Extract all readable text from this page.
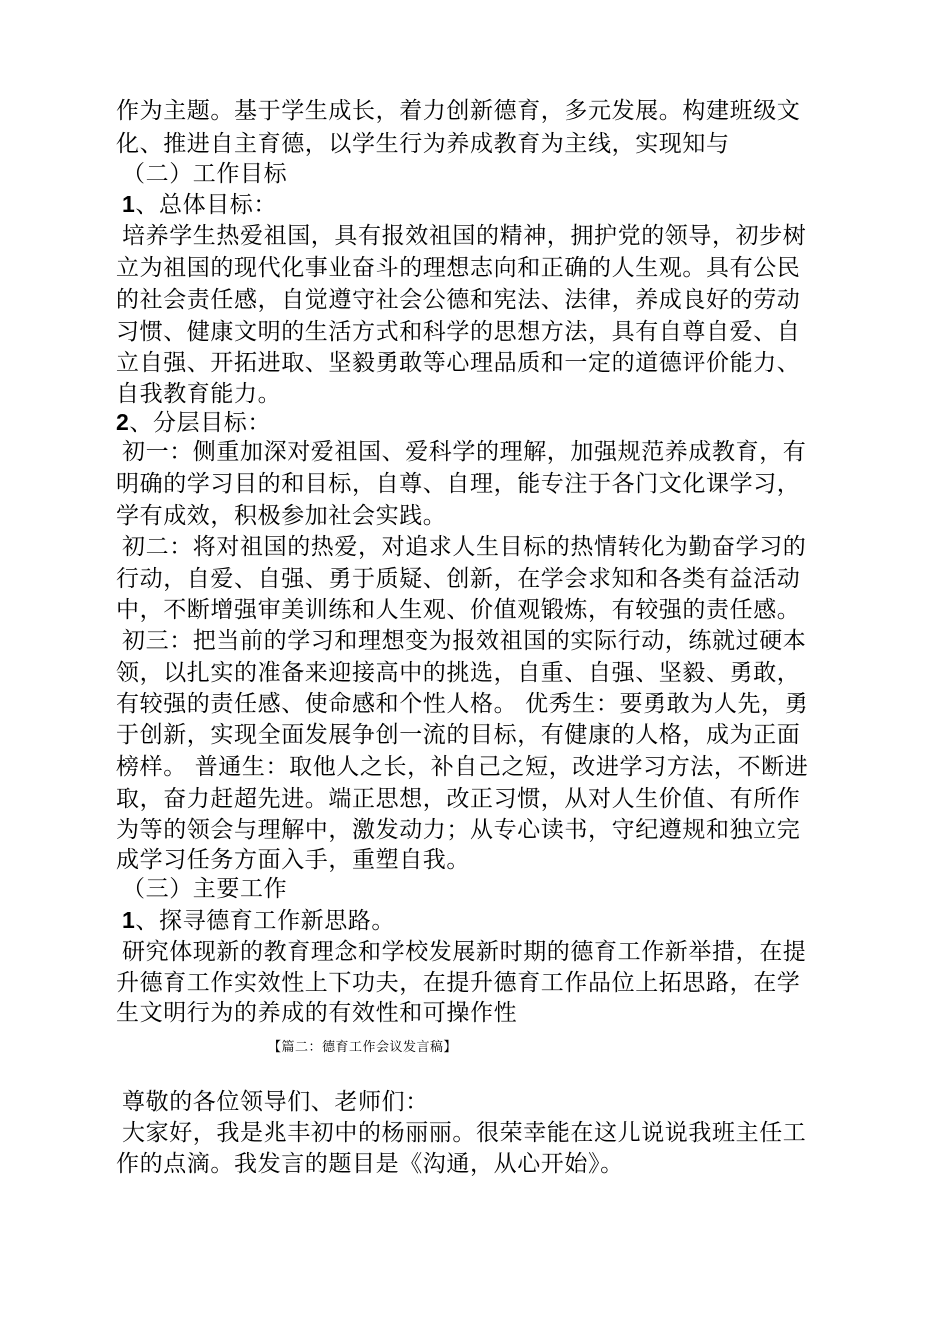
作为主题。基于学生成长，着力创新德育，多元发展。构建班级文
化、推进自主育德，以学生行为养成教育为主线，实现知与
（二）工作目标
1、总体目标：
培养学生热爱祖国，具有报效祖国的精神，拥护党的领导，初步树
立为祖国的现代化事业奋斗的理想志向和正确的人生观。具有公民
的社会责任感，自觉遵守社会公德和宪法、法律，养成良好的劳动
习惯、健康文明的生活方式和科学的思想方法，具有自尊自爱、自
立自强、开拓进取、坚毅勇敢等心理品质和一定的道德评价能力、
自我教育能力。
2、分层目标：
初一：侧重加深对爱祖国、爱科学的理解，加强规范养成教育，有
明确的学习目的和目标，自尊、自理，能专注于各门文化课学习，
学有成效，积极参加社会实践。
初二：将对祖国的热爱，对追求人生目标的热情转化为勤奋学习的
行动，自爱、自强、勇于质疑、创新，在学会求知和各类有益活动
中，不断增强审美训练和人生观、价值观锻炼，有较强的责任感。
初三：把当前的学习和理想变为报效祖国的实际行动，练就过硬本
领，以扎实的准备来迎接高中的挑选，自重、自强、坚毅、勇敢，
有较强的责任感、使命感和个性人格。 优秀生：要勇敢为人先，勇
于创新，实现全面发展争创一流的目标，有健康的人格，成为正面
榜样。 普通生：取他人之长，补自己之短，改进学习方法，不断进
取，奋力赶超先进。端正思想，改正习惯，从对人生价值、有所作
为等的领会与理解中，激发动力；从专心读书，守纪遵规和独立完
成学习任务方面入手，重塑自我。
（三）主要工作
1、探寻德育工作新思路。
研究体现新的教育理念和学校发展新时期的德育工作新举措，在提
升德育工作实效性上下功夫，在提升德育工作品位上拓思路，在学
生文明行为的养成的有效性和可操作性
【篇二：德育工作会议发言稿】
尊敬的各位领导们、老师们：
大家好，我是兆丰初中的杨丽丽。很荣幸能在这儿说说我班主任工
作的点滴。我发言的题目是《沟通，从心开始》。
